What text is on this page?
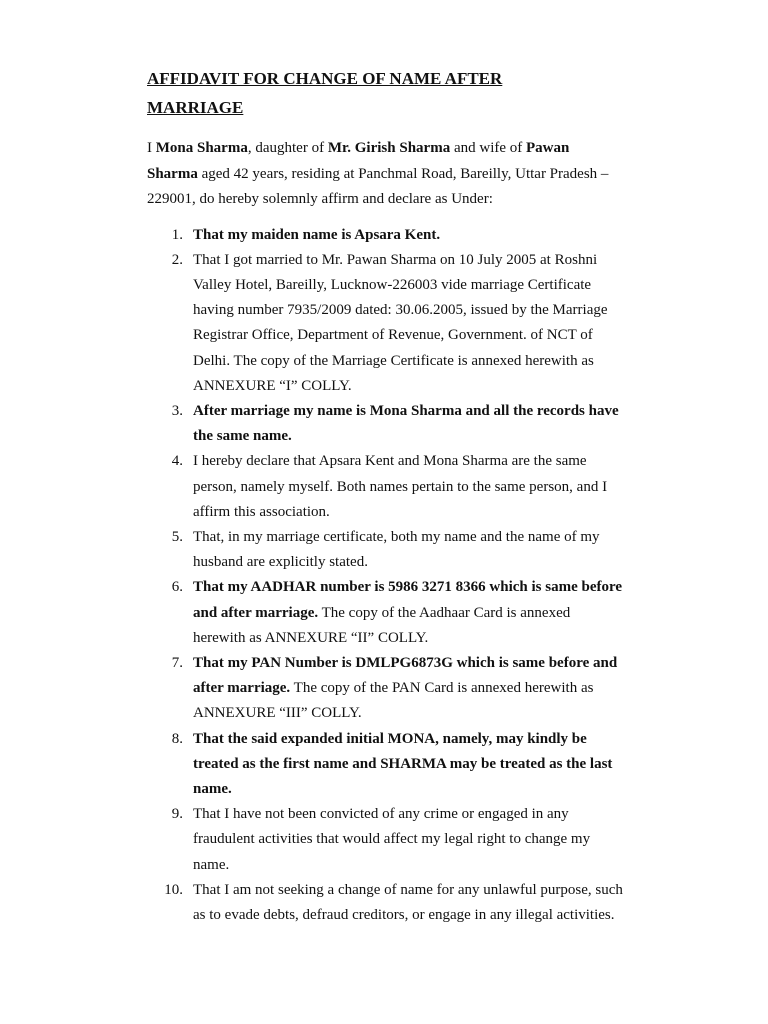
AFFIDAVIT FOR CHANGE OF NAME AFTER MARRIAGE

I Mona Sharma, daughter of Mr. Girish Sharma and wife of Pawan Sharma aged 42 years, residing at Panchmal Road, Bareilly, Uttar Pradesh – 229001, do hereby solemnly affirm and declare as Under:

1. That my maiden name is Apsara Kent.
2. That I got married to Mr. Pawan Sharma on 10 July 2005 at Roshni Valley Hotel, Bareilly, Lucknow-226003 vide marriage Certificate having number 7935/2009 dated: 30.06.2005, issued by the Marriage Registrar Office, Department of Revenue, Government. of NCT of Delhi. The copy of the Marriage Certificate is annexed herewith as ANNEXURE “I” COLLY.
3. After marriage my name is Mona Sharma and all the records have the same name.
4. I hereby declare that Apsara Kent and Mona Sharma are the same person, namely myself. Both names pertain to the same person, and I affirm this association.
5. That, in my marriage certificate, both my name and the name of my husband are explicitly stated.
6. That my AADHAR number is 5986 3271 8366 which is same before and after marriage. The copy of the Aadhaar Card is annexed herewith as ANNEXURE “II” COLLY.
7. That my PAN Number is DMLPG6873G which is same before and after marriage. The copy of the PAN Card is annexed herewith as ANNEXURE “III” COLLY.
8. That the said expanded initial MONA, namely, may kindly be treated as the first name and SHARMA may be treated as the last name.
9. That I have not been convicted of any crime or engaged in any fraudulent activities that would affect my legal right to change my name.
10. That I am not seeking a change of name for any unlawful purpose, such as to evade debts, defraud creditors, or engage in any illegal activities.
